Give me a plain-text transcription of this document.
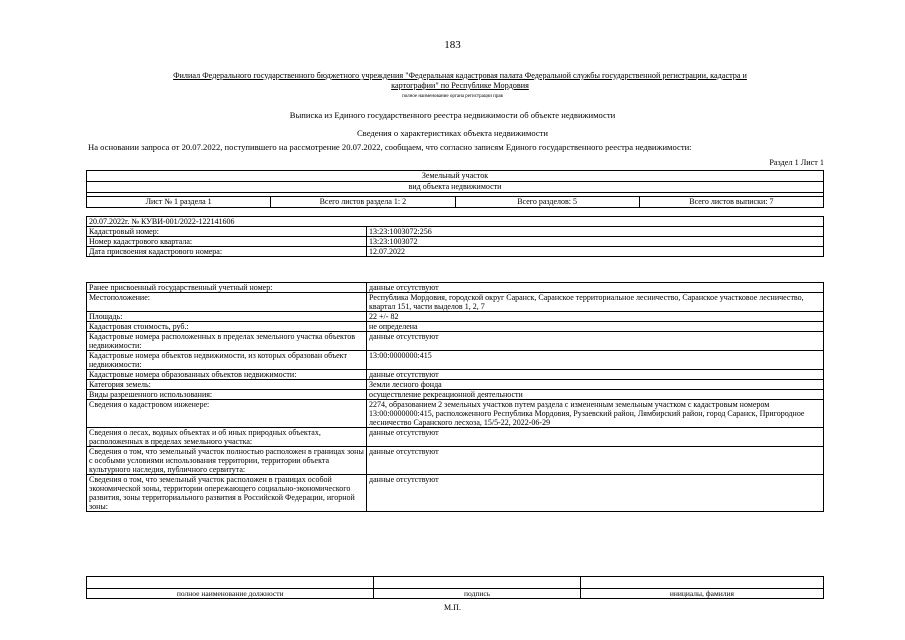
183
Филиал Федерального государственного бюджетного учреждения "Федеральная кадастровая палата Федеральной службы государственной регистрации, кадастра и
картографии" по Республике Мордовия
полное наименование органа регистрации прав
Выписка из Единого государственного реестра недвижимости об объекте недвижимости
Сведения о характеристиках объекта недвижимости
На основании запроса от 20.07.2022, поступившего на рассмотрение 20.07.2022, сообщаем, что согласно записям Единого государственного реестра недвижимости:
Раздел 1 Лист 1
Земельный участок
вид объекта недвижимости

Лист № 1 раздела 1	Всего листов раздела 1: 2	Всего разделов: 5	Всего листов выписки: 7
20.07.2022г. № КУВИ-001/2022-122141606	
Кадастровый номер:	13:23:1003072:256
Номер кадастрового квартала:	13:23:1003072
Дата присвоения кадастрового номера:	12.07.2022
Ранее присвоенный государственный учетный номер:	данные отсутствуют
Местоположение:	Республика Мордовия, городской округ Саранск, Саранское территориальное лесничество, Саранское участковое лесничество, квартал 151, части выделов 1, 2, 7
Площадь:	22 +/- 82
Кадастровая стоимость, руб.:	не определена
Кадастровые номера расположенных в пределах земельного участка объектов недвижимости:	данные отсутствуют
Кадастровые номера объектов недвижимости, из которых образован объект недвижимости:	13:00:0000000:415
Кадастровые номера образованных объектов недвижимости:	данные отсутствуют
Категория земель:	Земли лесного фонда
Виды разрешенного использования:	осуществление рекреационной деятельности
Сведения о кадастровом инженере:	2274, образованием 2 земельных участков путем раздела с измененным земельным участком с кадастровым номером 13:00:0000000:415, расположенного Республика Мордовия, Рузаевский район, Лямбирский район, город Саранск, Пригородное лесничество Саранского лесхоза, 15/5-22, 2022-06-29
Сведения о лесах, водных объектах и об иных природных объектах, расположенных в пределах земельного участка:	данные отсутствуют
Сведения о том, что земельный участок полностью расположен в границах зоны с особыми условиями использования территории, территории объекта культурного наследия, публичного сервитута:	данные отсутствуют
Сведения о том, что земельный участок расположен в границах особой экономической зоны, территории опережающего социально-экономического развития, зоны территориального развития в Российской Федерации, игорной зоны:	данные отсутствуют

полное наименование должности	подпись	инициалы, фамилия
М.П.
